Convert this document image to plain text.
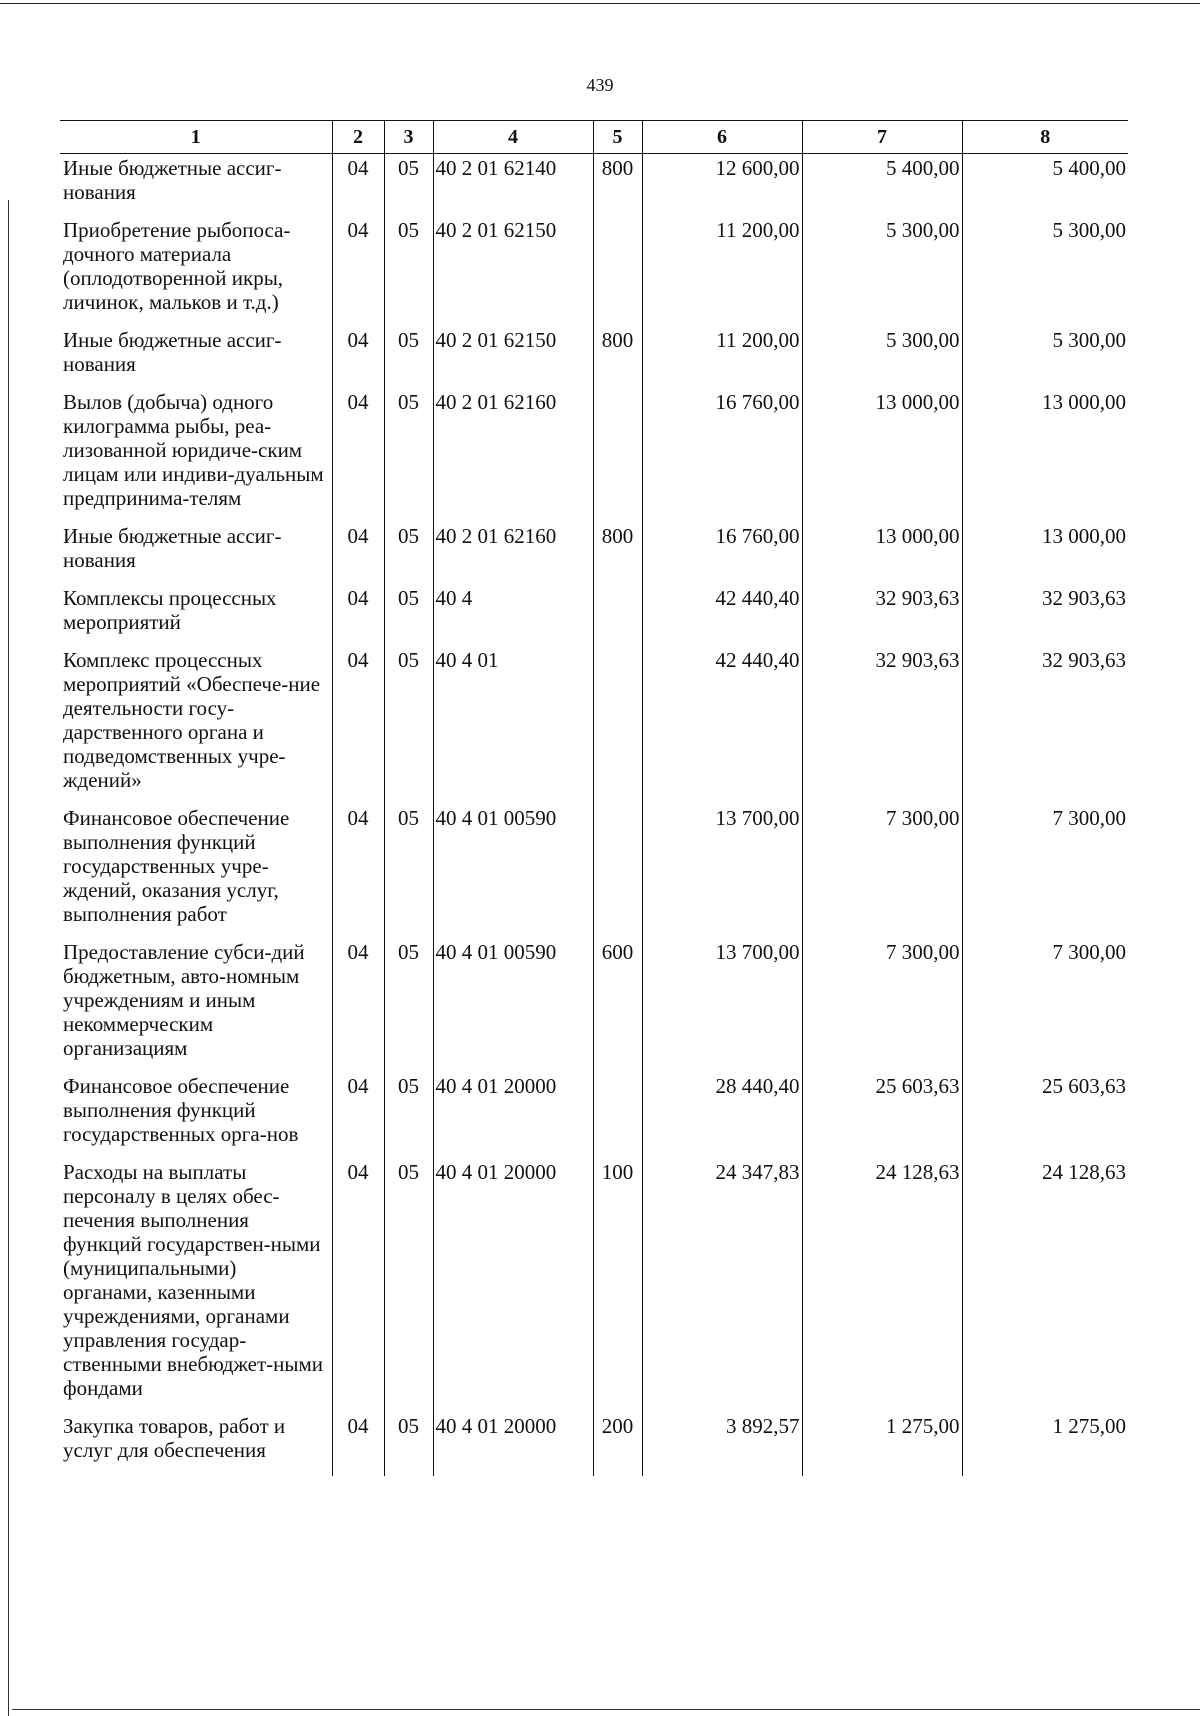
439
1	2	3	4	5	6	7	8
Иные бюджетные ассиг-нования	04	05	40 2 01 62140	800	12 600,00	5 400,00	5 400,00
Приобретение рыбопоса-дочного материала (оплодотворенной икры, личинок, мальков и т.д.)	04	05	40 2 01 62150		11 200,00	5 300,00	5 300,00
Иные бюджетные ассиг-нования	04	05	40 2 01 62150	800	11 200,00	5 300,00	5 300,00
Вылов (добыча) одного килограмма рыбы, реа-лизованной юридиче-ским лицам или индиви-дуальным предпринима-телям	04	05	40 2 01 62160		16 760,00	13 000,00	13 000,00
Иные бюджетные ассиг-нования	04	05	40 2 01 62160	800	16 760,00	13 000,00	13 000,00
Комплексы процессных мероприятий	04	05	40 4		42 440,40	32 903,63	32 903,63
Комплекс процессных мероприятий «Обеспече-ние деятельности госу-дарственного органа и подведомственных учре-ждений»	04	05	40 4 01		42 440,40	32 903,63	32 903,63
Финансовое обеспечение выполнения функций государственных учре-ждений, оказания услуг, выполнения работ	04	05	40 4 01 00590		13 700,00	7 300,00	7 300,00
Предоставление субси-дий бюджетным, авто-номным учреждениям и иным некоммерческим организациям	04	05	40 4 01 00590	600	13 700,00	7 300,00	7 300,00
Финансовое обеспечение выполнения функций государственных орга-нов	04	05	40 4 01 20000		28 440,40	25 603,63	25 603,63
Расходы на выплаты персоналу в целях обес-печения выполнения функций государствен-ными (муниципальными) органами, казенными учреждениями, органами управления государ-ственными внебюджет-ными фондами	04	05	40 4 01 20000	100	24 347,83	24 128,63	24 128,63
Закупка товаров, работ и услуг для обеспечения	04	05	40 4 01 20000	200	3 892,57	1 275,00	1 275,00
